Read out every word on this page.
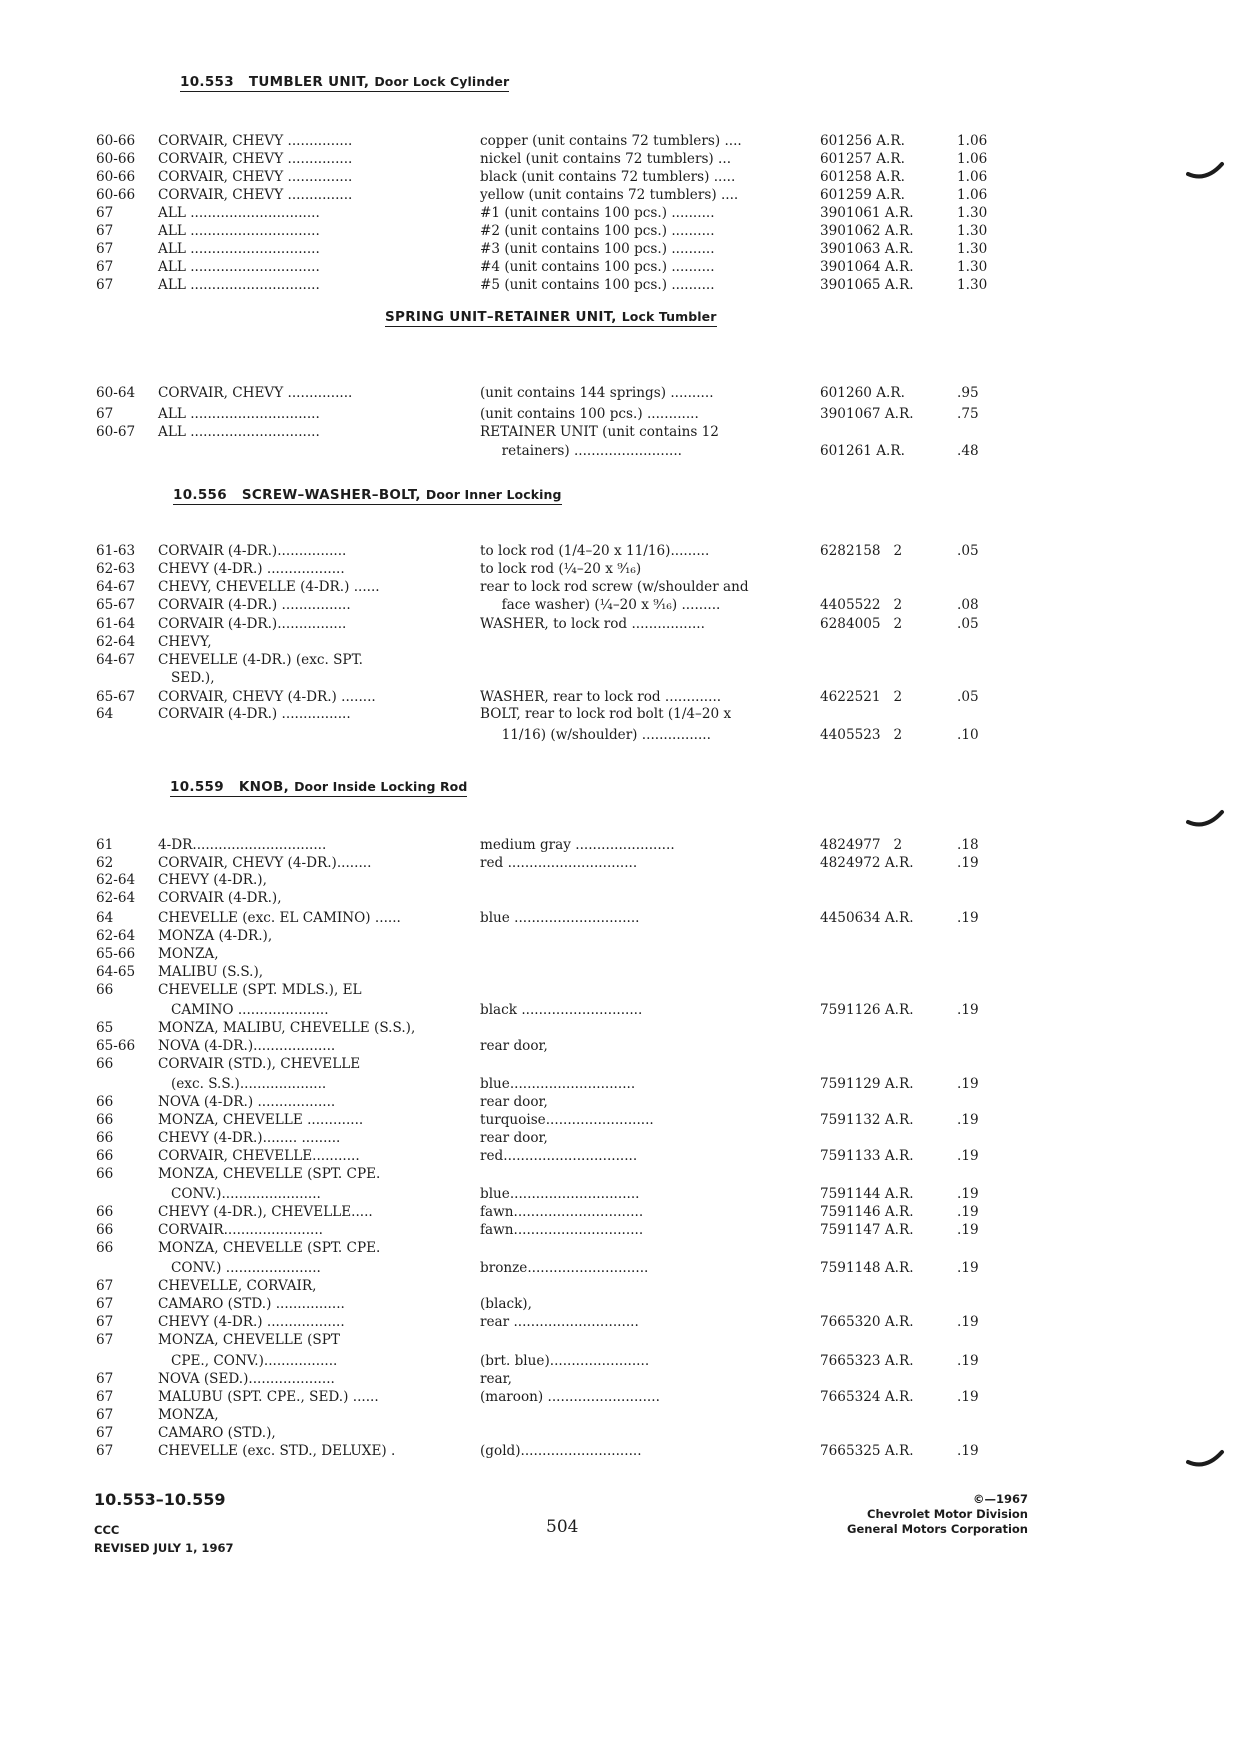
10.553 TUMBLER UNIT, Door Lock Cylinder
SPRING UNIT–RETAINER UNIT, Lock Tumbler
10.556 SCREW–WASHER–BOLT, Door Inner Locking
10.559 KNOB, Door Inside Locking Rod
60-66 CORVAIR, CHEVY ...............	copper (unit contains 72 tumblers) ....	601256 A.R.	1.06
60-66 CORVAIR, CHEVY ...............	nickel (unit contains 72 tumblers) ...	601257 A.R.	1.06
60-66 CORVAIR, CHEVY ...............	black (unit contains 72 tumblers) .....	601258 A.R.	1.06
60-66 CORVAIR, CHEVY ...............	yellow (unit contains 72 tumblers) ....	601259 A.R.	1.06
67	ALL ..............................	#1 (unit contains 100 pcs.) ..........	3901061 A.R.	1.30
67	ALL ..............................	#2 (unit contains 100 pcs.) ..........	3901062 A.R.	1.30
67	ALL ..............................	#3 (unit contains 100 pcs.) ..........	3901063 A.R.	1.30
67	ALL ..............................	#4 (unit contains 100 pcs.) ..........	3901064 A.R.	1.30
67	ALL ..............................	#5 (unit contains 100 pcs.) ..........	3901065 A.R.	1.30
60-64 CORVAIR, CHEVY ...............	(unit contains 144 springs) ..........	601260 A.R.	.95
67	ALL ..............................	(unit contains 100 pcs.) ............	3901067 A.R.	.75
60-67 ALL ..............................	RETAINER UNIT (unit contains 12
retainers) .........................	601261 A.R.	.48
61-63 CORVAIR (4-DR.)................	to lock rod (1/4–20 x 11/16).........	6282158   2	.05
62-63 CHEVY (4-DR.) ..................	to lock rod (¼–20 x ⁹⁄₁₆)
64-67 CHEVY, CHEVELLE (4-DR.) ......	rear to lock rod screw (w/shoulder and
65-67 CORVAIR (4-DR.) ................	face washer) (¼–20 x ⁹⁄₁₆) .........	4405522   2	.08
61-64 CORVAIR (4-DR.)................	WASHER, to lock rod .................	6284005   2	.05
62-64 CHEVY,
64-67 CHEVELLE (4-DR.) (exc. SPT.
SED.),
65-67 CORVAIR, CHEVY (4-DR.) ........	WASHER, rear to lock rod .............	4622521   2	.05
64	CORVAIR (4-DR.) ................	BOLT, rear to lock rod bolt (1/4–20 x
11/16) (w/shoulder) ................	4405523   2	.10
61	4-DR...............................	medium gray .......................	4824977   2	.18
62	CORVAIR, CHEVY (4-DR.)........	red ..............................	4824972 A.R.	.19
62-64 CHEVY (4-DR.),
62-64 CORVAIR (4-DR.),
64	CHEVELLE (exc. EL CAMINO) ......	blue .............................	4450634 A.R.	.19
62-64 MONZA (4-DR.),
65-66 MONZA,
64-65 MALIBU (S.S.),
66	CHEVELLE (SPT. MDLS.), EL
CAMINO .....................	black ............................	7591126 A.R.	.19
65	MONZA, MALIBU, CHEVELLE (S.S.),
65-66 NOVA (4-DR.)...................	rear door,
66	CORVAIR (STD.), CHEVELLE
(exc. S.S.)....................	blue.............................	7591129 A.R.	.19
66	NOVA (4-DR.) ..................	rear door,
66	MONZA, CHEVELLE .............	turquoise.........................	7591132 A.R.	.19
66	CHEVY (4-DR.)........ .........	rear door,
66	CORVAIR, CHEVELLE...........	red...............................	7591133 A.R.	.19
66	MONZA, CHEVELLE (SPT. CPE.
CONV.).......................	blue..............................	7591144 A.R.	.19
66	CHEVY (4-DR.), CHEVELLE.....	fawn..............................	7591146 A.R.	.19
66	CORVAIR.......................	fawn..............................	7591147 A.R.	.19
66	MONZA, CHEVELLE (SPT. CPE.
CONV.) ......................	bronze............................	7591148 A.R.	.19
67	CHEVELLE, CORVAIR,
67	CAMARO (STD.) ................	(black),
67	CHEVY (4-DR.) ..................	rear .............................	7665320 A.R.	.19
67	MONZA, CHEVELLE (SPT
CPE., CONV.).................	(brt. blue).......................	7665323 A.R.	.19
67	NOVA (SED.)....................	rear,
67	MALUBU (SPT. CPE., SED.) ......	(maroon) ..........................	7665324 A.R.	.19
67	MONZA,
67	CAMARO (STD.),
67	CHEVELLE (exc. STD., DELUXE) .	(gold)............................	7665325 A.R.	.19
10.553–10.559
CCC
REVISED JULY 1, 1967
504
©—1967
Chevrolet Motor Division
General Motors Corporation
